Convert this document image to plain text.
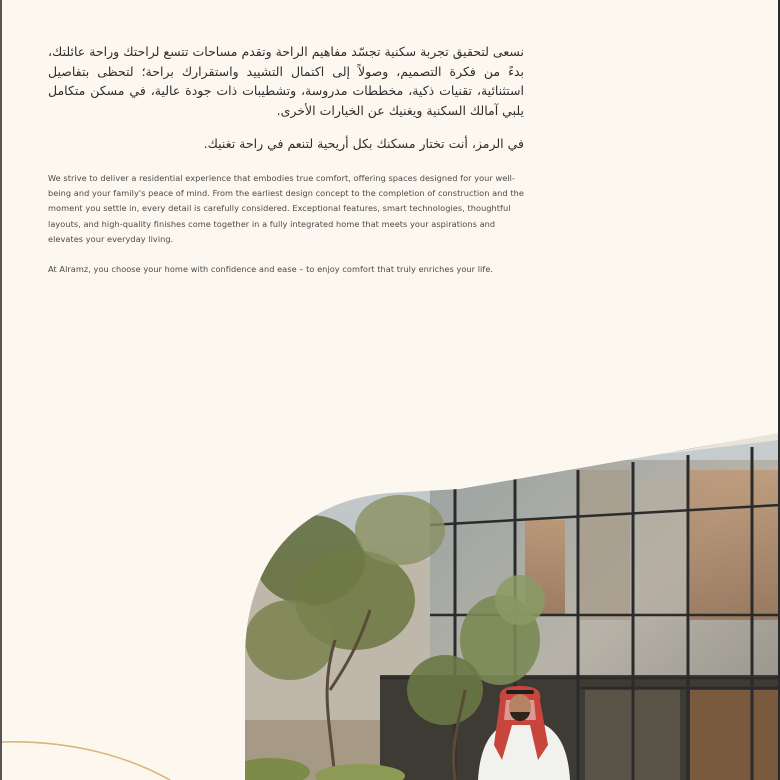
نسعى لتحقيق تجربة سكنية تجسّد مفاهيم الراحة وتقدم مساحات تتسع لراحتك وراحة عائلتك، بدءً من فكرة التصميم، وصولاً إلى اكتمال التشييد واستقرارك براحة؛ لتحظى بتفاصيل استثنائية، تقنيات ذكية، مخططات مدروسة، وتشطيبات ذات جودة عالية، في مسكن متكامل يلبي آمالك السكنية ويغنيك عن الخيارات الأخرى.

في الرمز، أنت تختار مسكنك بكل أريحية لتنعم في راحة تغنيك.

We strive to deliver a residential experience that embodies true comfort, offering spaces designed for your well-being and your family's peace of mind. From the earliest design concept to the completion of construction and the moment you settle in, every detail is carefully considered. Exceptional features, smart technologies, thoughtful layouts, and high-quality finishes come together in a fully integrated home that meets your aspirations and elevates your everyday living.

At Alramz, you choose your home with confidence and ease – to enjoy comfort that truly enriches your life.
